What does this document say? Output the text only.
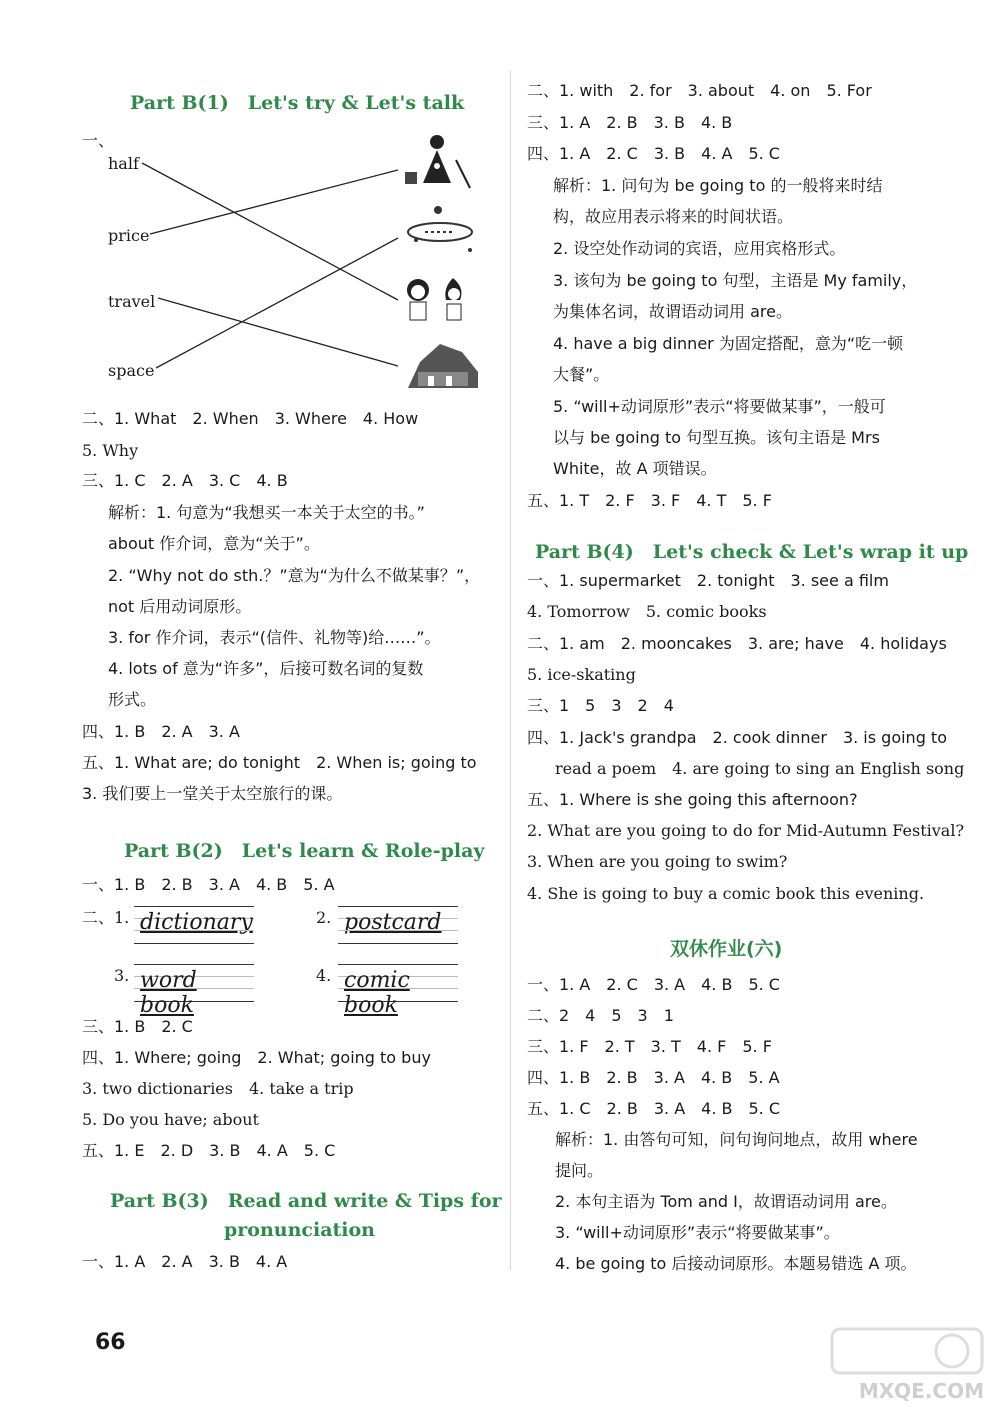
Part B(1)　Let's try & Let's talk
一、
half
price
travel
space
二、1. What　2. When　3. Where　4. How
5. Why
三、1. C　2. A　3. C　4. B
解析：1. 句意为“我想买一本关于太空的书。”
about 作介词，意为“关于”。
2. “Why not do sth.？”意为“为什么不做某事？”，
not 后用动词原形。
3. for 作介词，表示“(信件、礼物等)给……”。
4. lots of 意为“许多”，后接可数名词的复数
形式。
四、1. B　2. A　3. A
五、1. What are; do tonight　2. When is; going to
3. 我们要上一堂关于太空旅行的课。
Part B(2)　Let's learn & Role-play
一、1. B　2. B　3. A　4. B　5. A
二、 1. dictionary	2. postcard
3. word book
4. comic book
三、1. B　2. C
四、1. Where; going　2. What; going to buy
3. two dictionaries　4. take a trip
5. Do you have; about
五、1. E　2. D　3. B　4. A　5. C
Part B(3)　Read and write & Tips for
pronunciation
一、1. A　2. A　3. B　4. A
二、1. with　2. for　3. about　4. on　5. For
三、1. A　2. B　3. B　4. B
四、1. A　2. C　3. B　4. A　5. C
解析：1. 问句为 be going to 的一般将来时结
构，故应用表示将来的时间状语。
2. 设空处作动词的宾语，应用宾格形式。
3. 该句为 be going to 句型，主语是 My family，
为集体名词，故谓语动词用 are。
4. have a big dinner 为固定搭配，意为“吃一顿
大餐”。
5. “will+动词原形”表示“将要做某事”，一般可
以与 be going to 句型互换。该句主语是 Mrs
White，故 A 项错误。
五、1. T　2. F　3. F　4. T　5. F
Part B(4)　Let's check & Let's wrap it up
一、1. supermarket　2. tonight　3. see a film
4. Tomorrow　5. comic books
二、1. am　2. mooncakes　3. are; have　4. holidays
5. ice-skating
三、1　5　3　2　4
四、1. Jack's grandpa　2. cook dinner　3. is going to
read a poem　4. are going to sing an English song
五、1. Where is she going this afternoon?
2. What are you going to do for Mid-Autumn Festival?
3. When are you going to swim?
4. She is going to buy a comic book this evening.
双休作业(六)
一、1. A　2. C　3. A　4. B　5. C
二、2　4　5　3　1
三、1. F　2. T　3. T　4. F　5. F
四、1. B　2. B　3. A　4. B　5. A
五、1. C　2. B　3. A　4. B　5. C
解析：1. 由答句可知，问句询问地点，故用 where
提问。
2. 本句主语为 Tom and I，故谓语动词用 are。
3. “will+动词原形”表示“将要做某事”。
4. be going to 后接动词原形。本题易错选 A 项。
66
MXQE.COM
